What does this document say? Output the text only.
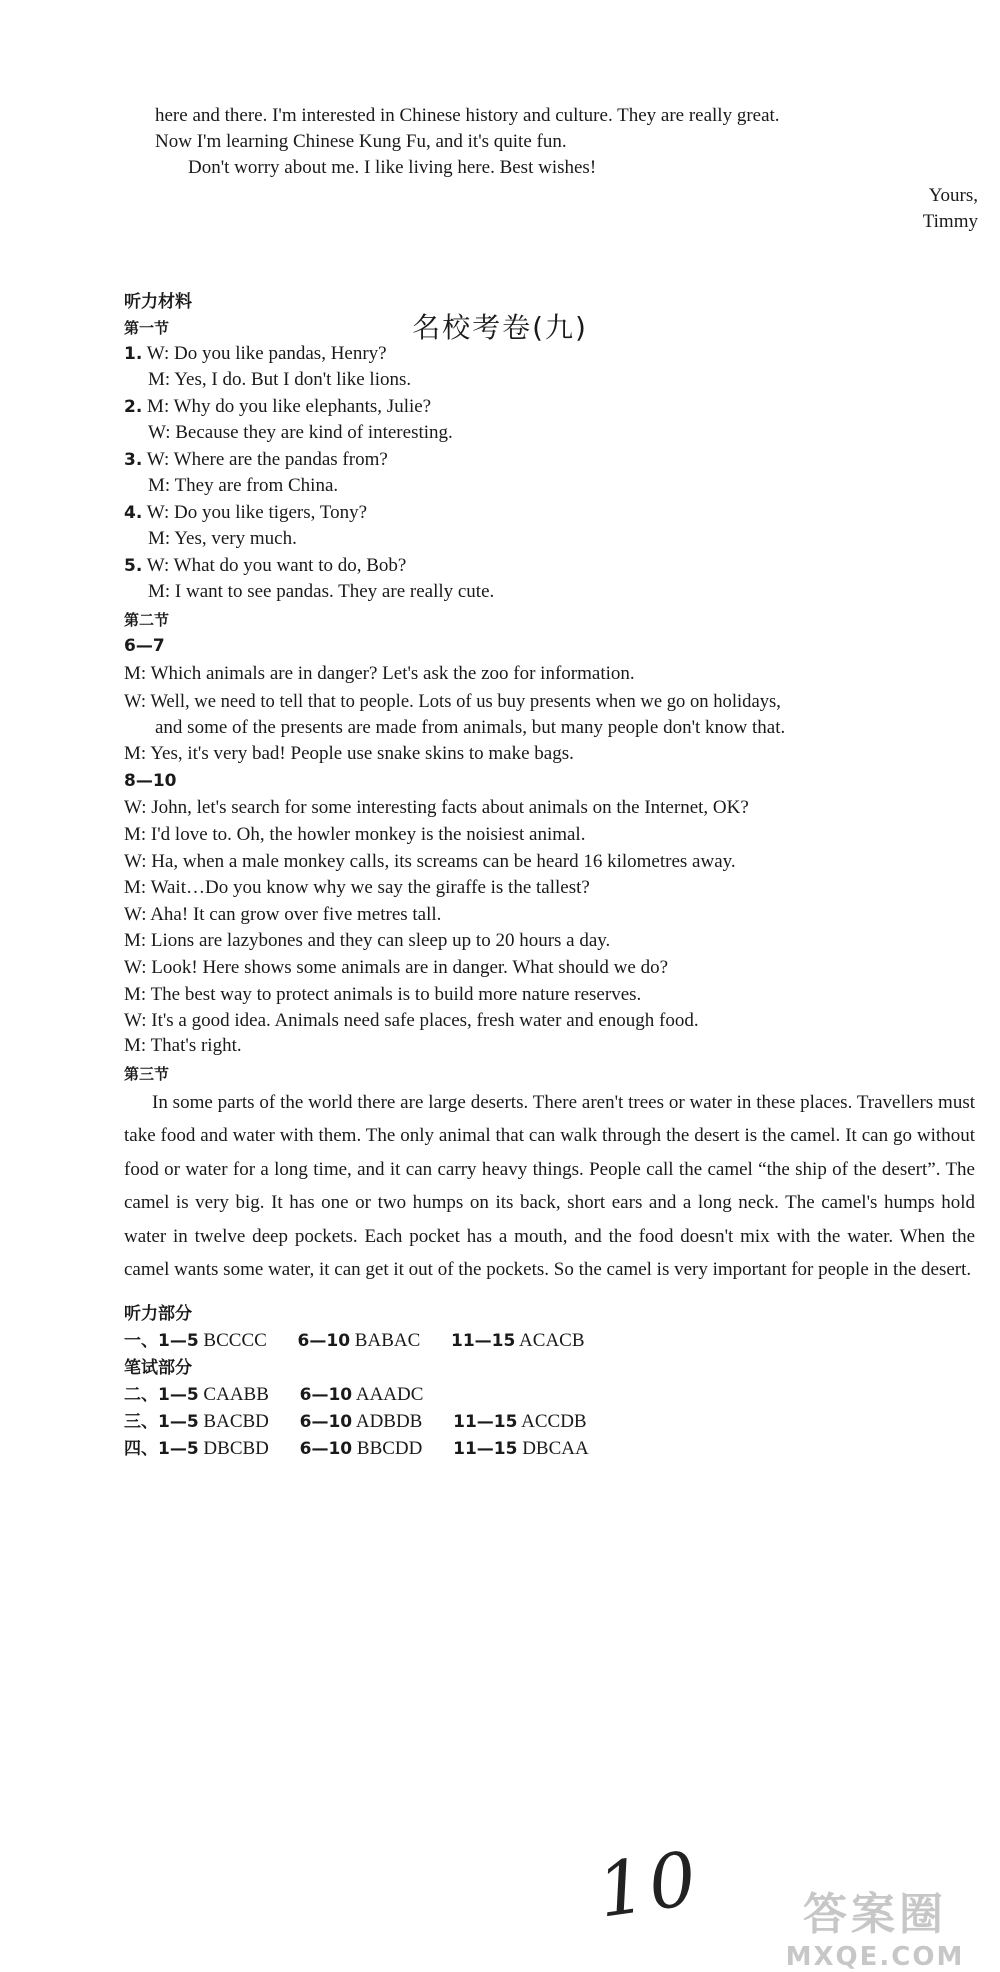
here and there. I'm interested in Chinese history and culture. They are really great.
Now I'm learning Chinese Kung Fu, and it's quite fun.
Don't worry about me. I like living here. Best wishes!
Yours,
Timmy
名校考卷(九)
听力材料
第一节
1. W: Do you like pandas, Henry?
M: Yes, I do. But I don't like lions.
2. M: Why do you like elephants, Julie?
W: Because they are kind of interesting.
3. W: Where are the pandas from?
M: They are from China.
4. W: Do you like tigers, Tony?
M: Yes, very much.
5. W: What do you want to do, Bob?
M: I want to see pandas. They are really cute.
第二节
6—7
M: Which animals are in danger? Let's ask the zoo for information.
W: Well, we need to tell that to people. Lots of us buy presents when we go on holidays,
and some of the presents are made from animals, but many people don't know that.
M: Yes, it's very bad! People use snake skins to make bags.
8—10
W: John, let's search for some interesting facts about animals on the Internet, OK?
M: I'd love to. Oh, the howler monkey is the noisiest animal.
W: Ha, when a male monkey calls, its screams can be heard 16 kilometres away.
M: Wait…Do you know why we say the giraffe is the tallest?
W: Aha! It can grow over five metres tall.
M: Lions are lazybones and they can sleep up to 20 hours a day.
W: Look! Here shows some animals are in danger. What should we do?
M: The best way to protect animals is to build more nature reserves.
W: It's a good idea. Animals need safe places, fresh water and enough food.
M: That's right.
第三节
In some parts of the world there are large deserts. There aren't trees or water in these places. Travellers must take food and water with them. The only animal that can walk through the desert is the camel. It can go without food or water for a long time, and it can carry heavy things. People call the camel “the ship of the desert”. The camel is very big. It has one or two humps on its back, short ears and a long neck. The camel's humps hold water in twelve deep pockets. Each pocket has a mouth, and the food doesn't mix with the water. When the camel wants some water, it can get it out of the pockets. So the camel is very important for people in the desert.
听力部分
一、1—5 BCCCC 6—10 BABAC 11—15 ACACB
笔试部分
二、1—5 CAABB 6—10 AAADC
三、1—5 BACBD 6—10 ADBDB 11—15 ACCDB
四、1—5 DBCBD 6—10 BBCDD 11—15 DBCAA
10	答案圈
MXQE.COM
